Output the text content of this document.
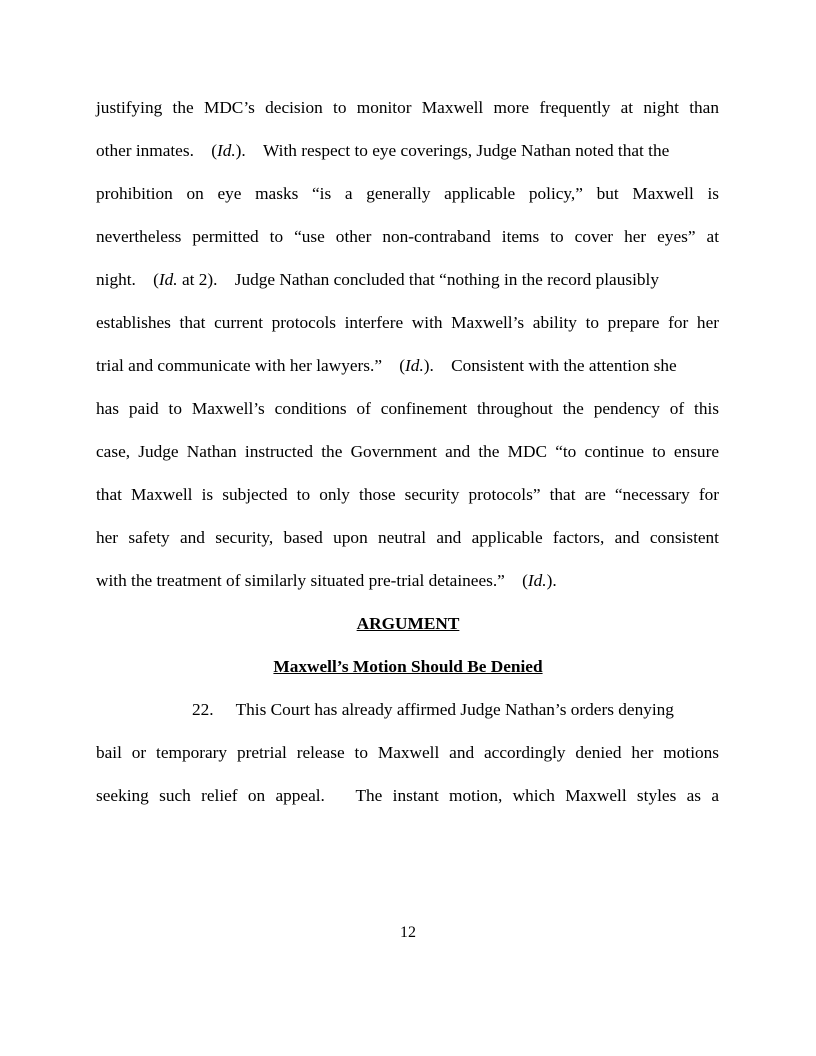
justifying the MDC’s decision to monitor Maxwell more frequently at night than
other inmates. (Id.). With respect to eye coverings, Judge Nathan noted that the
prohibition on eye masks “is a generally applicable policy,” but Maxwell is
nevertheless permitted to “use other non-contraband items to cover her eyes” at
night. (Id. at 2). Judge Nathan concluded that “nothing in the record plausibly
establishes that current protocols interfere with Maxwell’s ability to prepare for her
trial and communicate with her lawyers.” (Id.). Consistent with the attention she
has paid to Maxwell’s conditions of confinement throughout the pendency of this
case, Judge Nathan instructed the Government and the MDC “to continue to ensure
that Maxwell is subjected to only those security protocols” that are “necessary for
her safety and security, based upon neutral and applicable factors, and consistent
with the treatment of similarly situated pre-trial detainees.” (Id.).
ARGUMENT
Maxwell’s Motion Should Be Denied
22. This Court has already affirmed Judge Nathan’s orders denying
bail or temporary pretrial release to Maxwell and accordingly denied her motions
seeking such relief on appeal.   The instant motion, which Maxwell styles as a
12
